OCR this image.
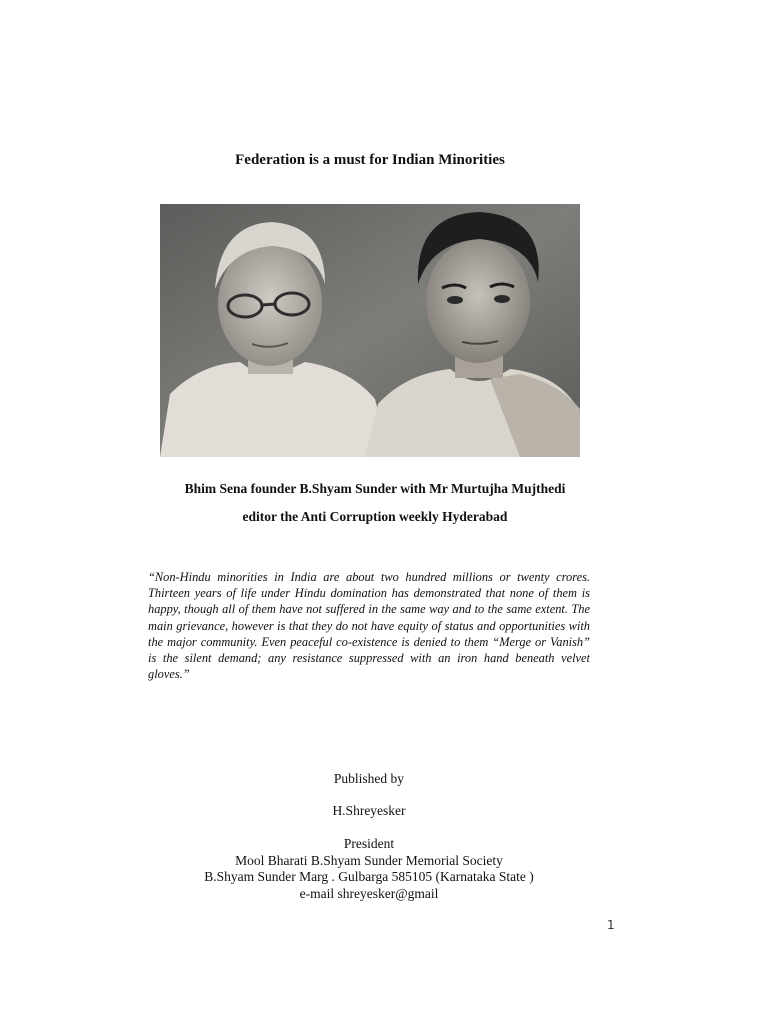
Federation is a must for Indian Minorities
Bhim Sena founder B.Shyam Sunder with Mr Murtujha Mujthedi
editor the Anti Corruption weekly Hyderabad

“Non-Hindu minorities in India are about two hundred millions or twenty crores. Thirteen years of life under Hindu domination has demonstrated that none of them is happy, though all of them have not suffered in the same way and to the same extent. The main grievance, however is that they do not have equity of status and opportunities with the major community. Even peaceful co-existence is denied to them “Merge or Vanish” is the silent demand; any resistance suppressed with an iron hand beneath velvet gloves.”

Published by
H.Shreyesker
President
Mool Bharati B.Shyam Sunder Memorial Society
B.Shyam Sunder Marg . Gulbarga 585105 (Karnataka State )
e-mail shreyesker@gmail
1
